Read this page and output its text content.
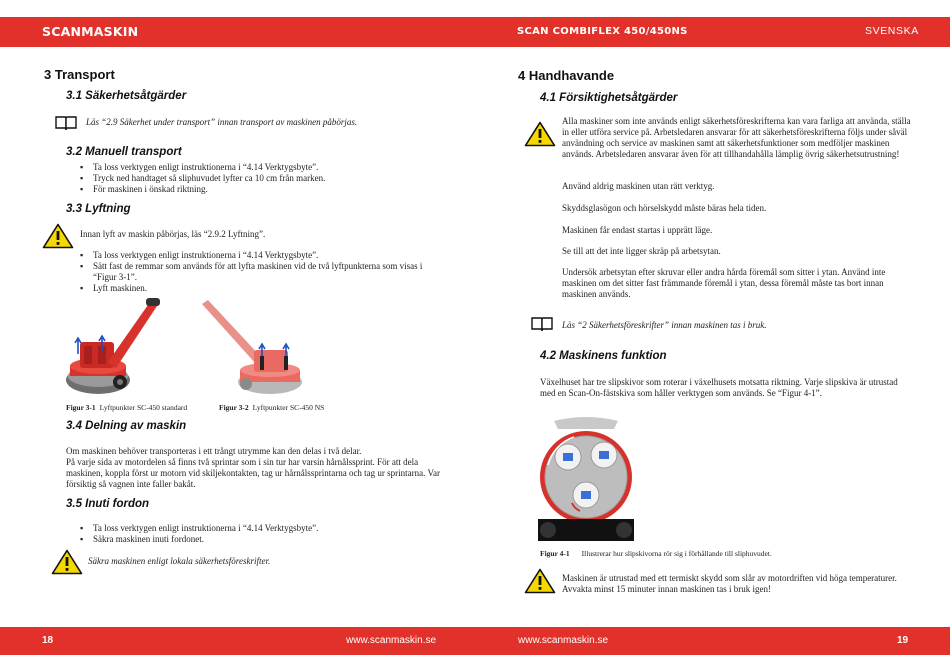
SCANMASKIN	SCAN COMBIFLEX 450/450NS	SVENSKA
3 Transport
3.1 Säkerhetsåtgärder
Läs “2.9 Säkerhet under transport” innan transport av maskinen påbörjas.
3.2 Manuell transport
▪ Ta loss verktygen enligt instruktionerna i “4.14 Verktygsbyte”.
▪ Tryck ned handtaget så sliphuvudet lyfter ca 10 cm från marken.
▪ För maskinen i önskad riktning.
3.3 Lyftning
Innan lyft av maskin påbörjas, läs “2.9.2 Lyftning”.
▪ Ta loss verktygen enligt instruktionerna i “4.14 Verktygsbyte”.
▪ Sätt fast de remmar som används för att lyfta maskinen vid de två lyftpunkterna som visas i “Figur 3-1”.
▪ Lyft maskinen.
Figur 3-1 Lyftpunkter SC-450 standard	Figur 3-2 Lyftpunkter SC-450 NS
3.4 Delning av maskin
Om maskinen behöver transporteras i ett trångt utrymme kan den delas i två delar.
På varje sida av motordelen så finns två sprintar som i sin tur har varsin hårnålssprint. För att dela maskinen, koppla först ur motorn vid skiljekontakten, tag ur hårnålssprintarna och tag ur sprintarna. Var försiktig så vagnen inte faller bakåt.
3.5 Inuti fordon
▪ Ta loss verktygen enligt instruktionerna i “4.14 Verktygsbyte”.
▪ Säkra maskinen inuti fordonet.
Säkra maskinen enligt lokala säkerhetsföreskrifter.
4 Handhavande
4.1 Försiktighetsåtgärder
Alla maskiner som inte används enligt säkerhetsföreskrifterna kan vara farliga att använda, ställa in eller utföra service på. Arbetsledaren ansvarar för att säkerhetsföreskrifterna följs under såväl användning och service av maskinen samt att säkerhetsfunktioner som medföljer maskinen används. Arbetsledaren ansvarar även för att tillhandahålla lämplig övrig säkerhetsutrustning!
Använd aldrig maskinen utan rätt verktyg.
Skyddsglasögon och hörselskydd måste bäras hela tiden.
Maskinen får endast startas i upprätt läge.
Se till att det inte ligger skräp på arbetsytan.
Undersök arbetsytan efter skruvar eller andra hårda föremål som sitter i ytan. Använd inte maskinen om det sitter fast främmande föremål i ytan, dessa föremål måste tas bort innan maskinen används.
Läs “2 Säkerhetsföreskrifter” innan maskinen tas i bruk.
4.2 Maskinens funktion
Växelhuset har tre slipskivor som roterar i växelhusets motsatta riktning. Varje slipskiva är utrustad med en Scan-On-fästskiva som håller verktygen som används. Se “Figur 4-1”.
Figur 4-1 Illustrerar hur slipskivorna rör sig i förhållande till sliphuvudet.
Maskinen är utrustad med ett termiskt skydd som slår av motordriften vid höga temperaturer. Avvakta minst 15 minuter innan maskinen tas i bruk igen!
18	www.scanmaskin.se	www.scanmaskin.se	19
